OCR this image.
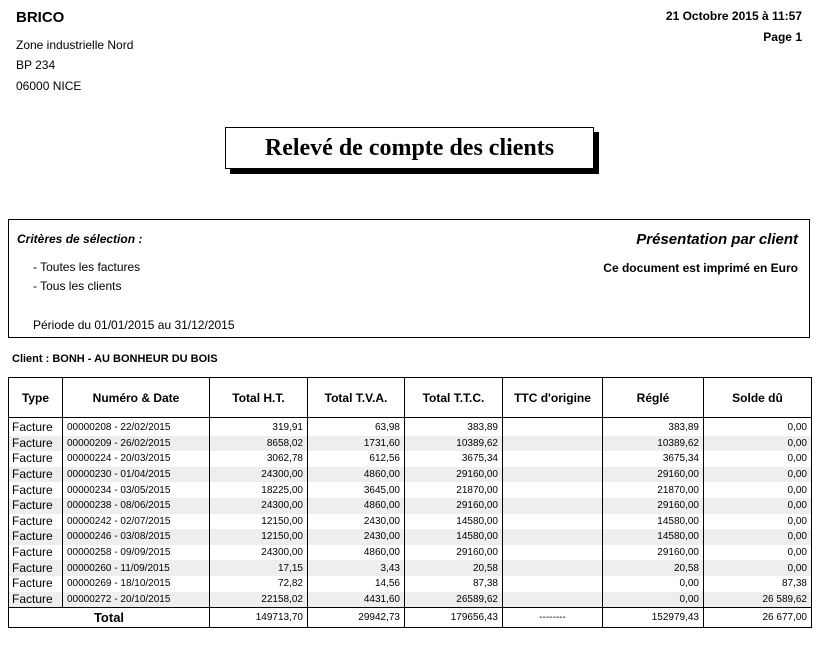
BRICO
Zone industrielle Nord
BP 234
06000 NICE
21 Octobre 2015 à 11:57
Page 1
Relevé de compte des clients
Critères de sélection :
- Toutes les factures
- Tous les clients
Période du 01/01/2015 au 31/12/2015
Présentation par client
Ce document est imprimé en Euro
Client : BONH - AU BONHEUR DU BOIS
Type	Numéro & Date	Total H.T.	Total T.V.A.	Total T.T.C.	TTC d'origine	Réglé	Solde dû
Facture	00000208 - 22/02/2015	319,91	63,98	383,89		383,89	0,00
Facture	00000209 - 26/02/2015	8658,02	1731,60	10389,62		10389,62	0,00
Facture	00000224 - 20/03/2015	3062,78	612,56	3675,34		3675,34	0,00
Facture	00000230 - 01/04/2015	24300,00	4860,00	29160,00		29160,00	0,00
Facture	00000234 - 03/05/2015	18225,00	3645,00	21870,00		21870,00	0,00
Facture	00000238 - 08/06/2015	24300,00	4860,00	29160,00		29160,00	0,00
Facture	00000242 - 02/07/2015	12150,00	2430,00	14580,00		14580,00	0,00
Facture	00000246 - 03/08/2015	12150,00	2430,00	14580,00		14580,00	0,00
Facture	00000258 - 09/09/2015	24300,00	4860,00	29160,00		29160,00	0,00
Facture	00000260 - 11/09/2015	17,15	3,43	20,58		20,58	0,00
Facture	00000269 - 18/10/2015	72,82	14,56	87,38		0,00	87,38
Facture	00000272 - 20/10/2015	22158,02	4431,60	26589,62		0,00	26 589,62
Total		149713,70	29942,73	179656,43	--------	152979,43	26 677,00
